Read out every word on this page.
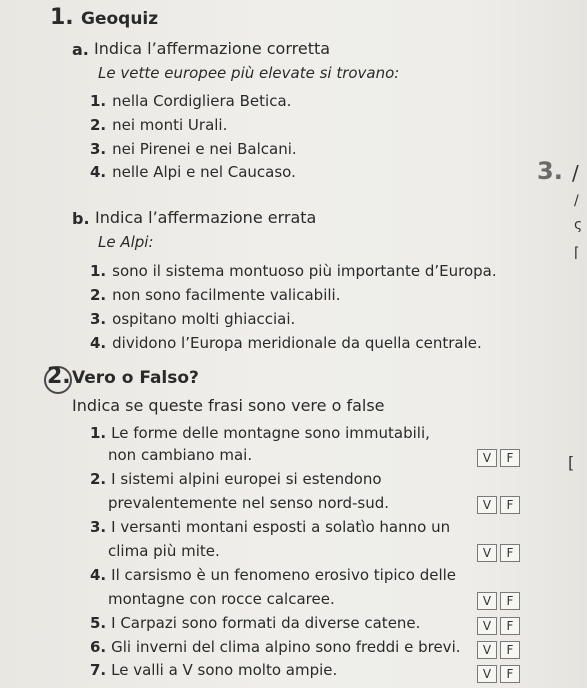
1. Geoquiz
a. Indica l’affermazione corretta
Le vette europee più elevate si trovano:
1. nella Cordigliera Betica.
2. nei monti Urali.
3. nei Pirenei e nei Balcani.
4. nelle Alpi e nel Caucaso.
b. Indica l’affermazione errata
Le Alpi:
1. sono il sistema montuoso più importante d’Europa.
2. non sono facilmente valicabili.
3. ospitano molti ghiacciai.
4. dividono l’Europa meridionale da quella centrale.
2. Vero o Falso?
Indica se queste frasi sono vere o false
1. Le forme delle montagne sono immutabili,
non cambiano mai.	V	F
2. I sistemi alpini europei si estendono
prevalentemente nel senso nord-sud.	V	F
3. I versanti montani esposti a solatìo hanno un
clima più mite.	V	F
4. Il carsismo è un fenomeno erosivo tipico delle
montagne con rocce calcaree.	V	F
5. I Carpazi sono formati da diverse catene.	V	F
6. Gli inverni del clima alpino sono freddi e brevi.	V	F
7. Le valli a V sono molto ampie.	V	F
3. /
/
ς
⌈
[
